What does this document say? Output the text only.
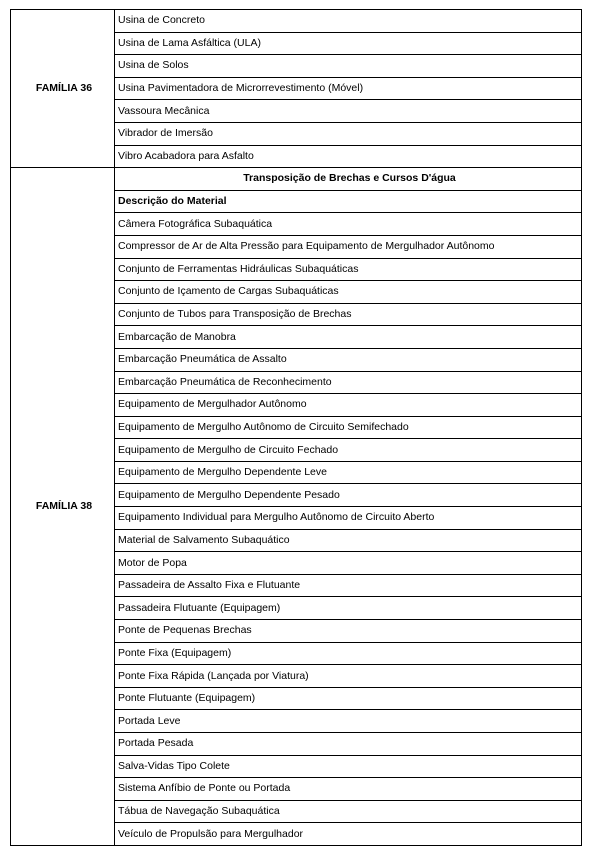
FAMÍLIA 36	Usina de Concreto
	Usina de Lama Asfáltica (ULA)
	Usina de Solos
	Usina Pavimentadora de Microrrevestimento (Móvel)
	Vassoura Mecânica
	Vibrador de Imersão
	Vibro Acabadora para Asfalto
FAMÍLIA 38	Transposição de Brechas e Cursos D'água
	Descrição do Material
	Câmera Fotográfica Subaquática
	Compressor de Ar de Alta Pressão para Equipamento de Mergulhador Autônomo
	Conjunto de Ferramentas Hidráulicas Subaquáticas
	Conjunto de Içamento de Cargas Subaquáticas
	Conjunto de Tubos para Transposição de Brechas
	Embarcação de Manobra
	Embarcação Pneumática de Assalto
	Embarcação Pneumática de Reconhecimento
	Equipamento de Mergulhador Autônomo
	Equipamento de Mergulho Autônomo de Circuito Semifechado
	Equipamento de Mergulho de Circuito Fechado
	Equipamento de Mergulho Dependente Leve
	Equipamento de Mergulho Dependente Pesado
	Equipamento Individual para Mergulho Autônomo de Circuito Aberto
	Material de Salvamento Subaquático
	Motor de Popa
	Passadeira de Assalto Fixa e Flutuante
	Passadeira Flutuante (Equipagem)
	Ponte de Pequenas Brechas
	Ponte Fixa (Equipagem)
	Ponte Fixa Rápida (Lançada por Viatura)
	Ponte Flutuante (Equipagem)
	Portada Leve
	Portada Pesada
	Salva-Vidas Tipo Colete
	Sistema Anfíbio de Ponte ou Portada
	Tábua de Navegação Subaquática
	Veículo de Propulsão para Mergulhador
